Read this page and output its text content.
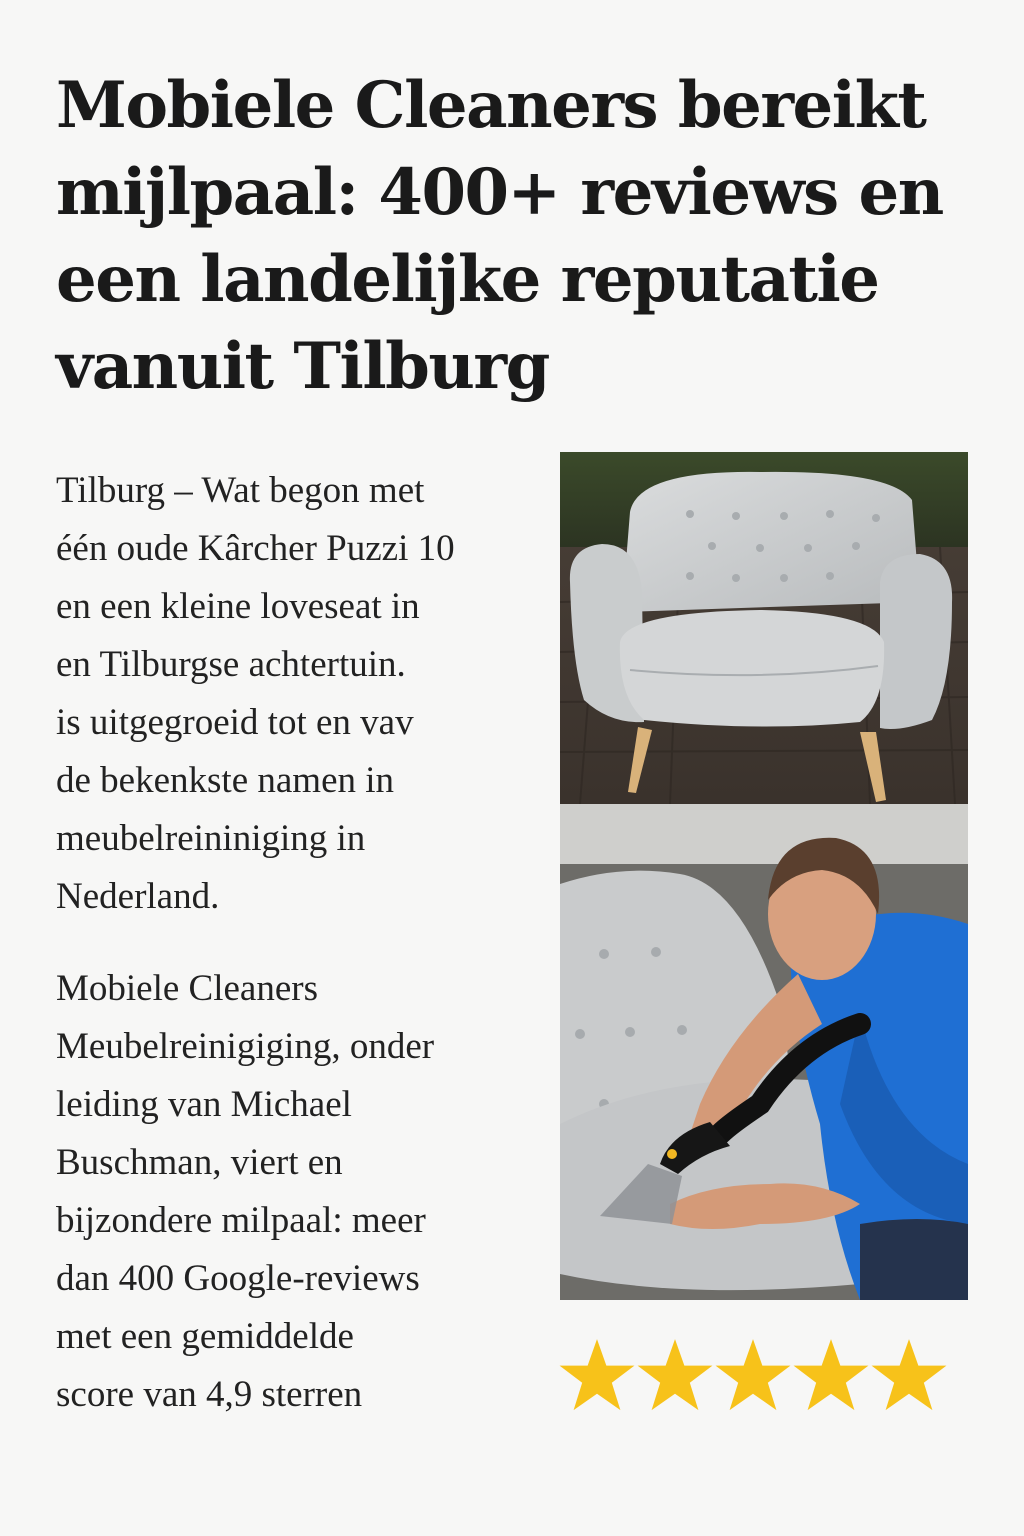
Mobiele Cleaners bereikt mijlpaal: 400+ reviews en een landelijke reputatie vanuit Tilburg

Tilburg – Wat begon met
één oude Kârcher Puzzi 10
en een kleine loveseat in
en Tilburgse achtertuin.
is uitgegroeid tot en vav
de bekenkste namen in
meubelreininiging in
Nederland.

Mobiele Cleaners
Meubelreinigiging, onder
leiding van Michael
Buschman, viert en
bijzondere milpaal: meer
dan 400 Google-reviews
met een gemiddelde
score van 4,9 sterren
